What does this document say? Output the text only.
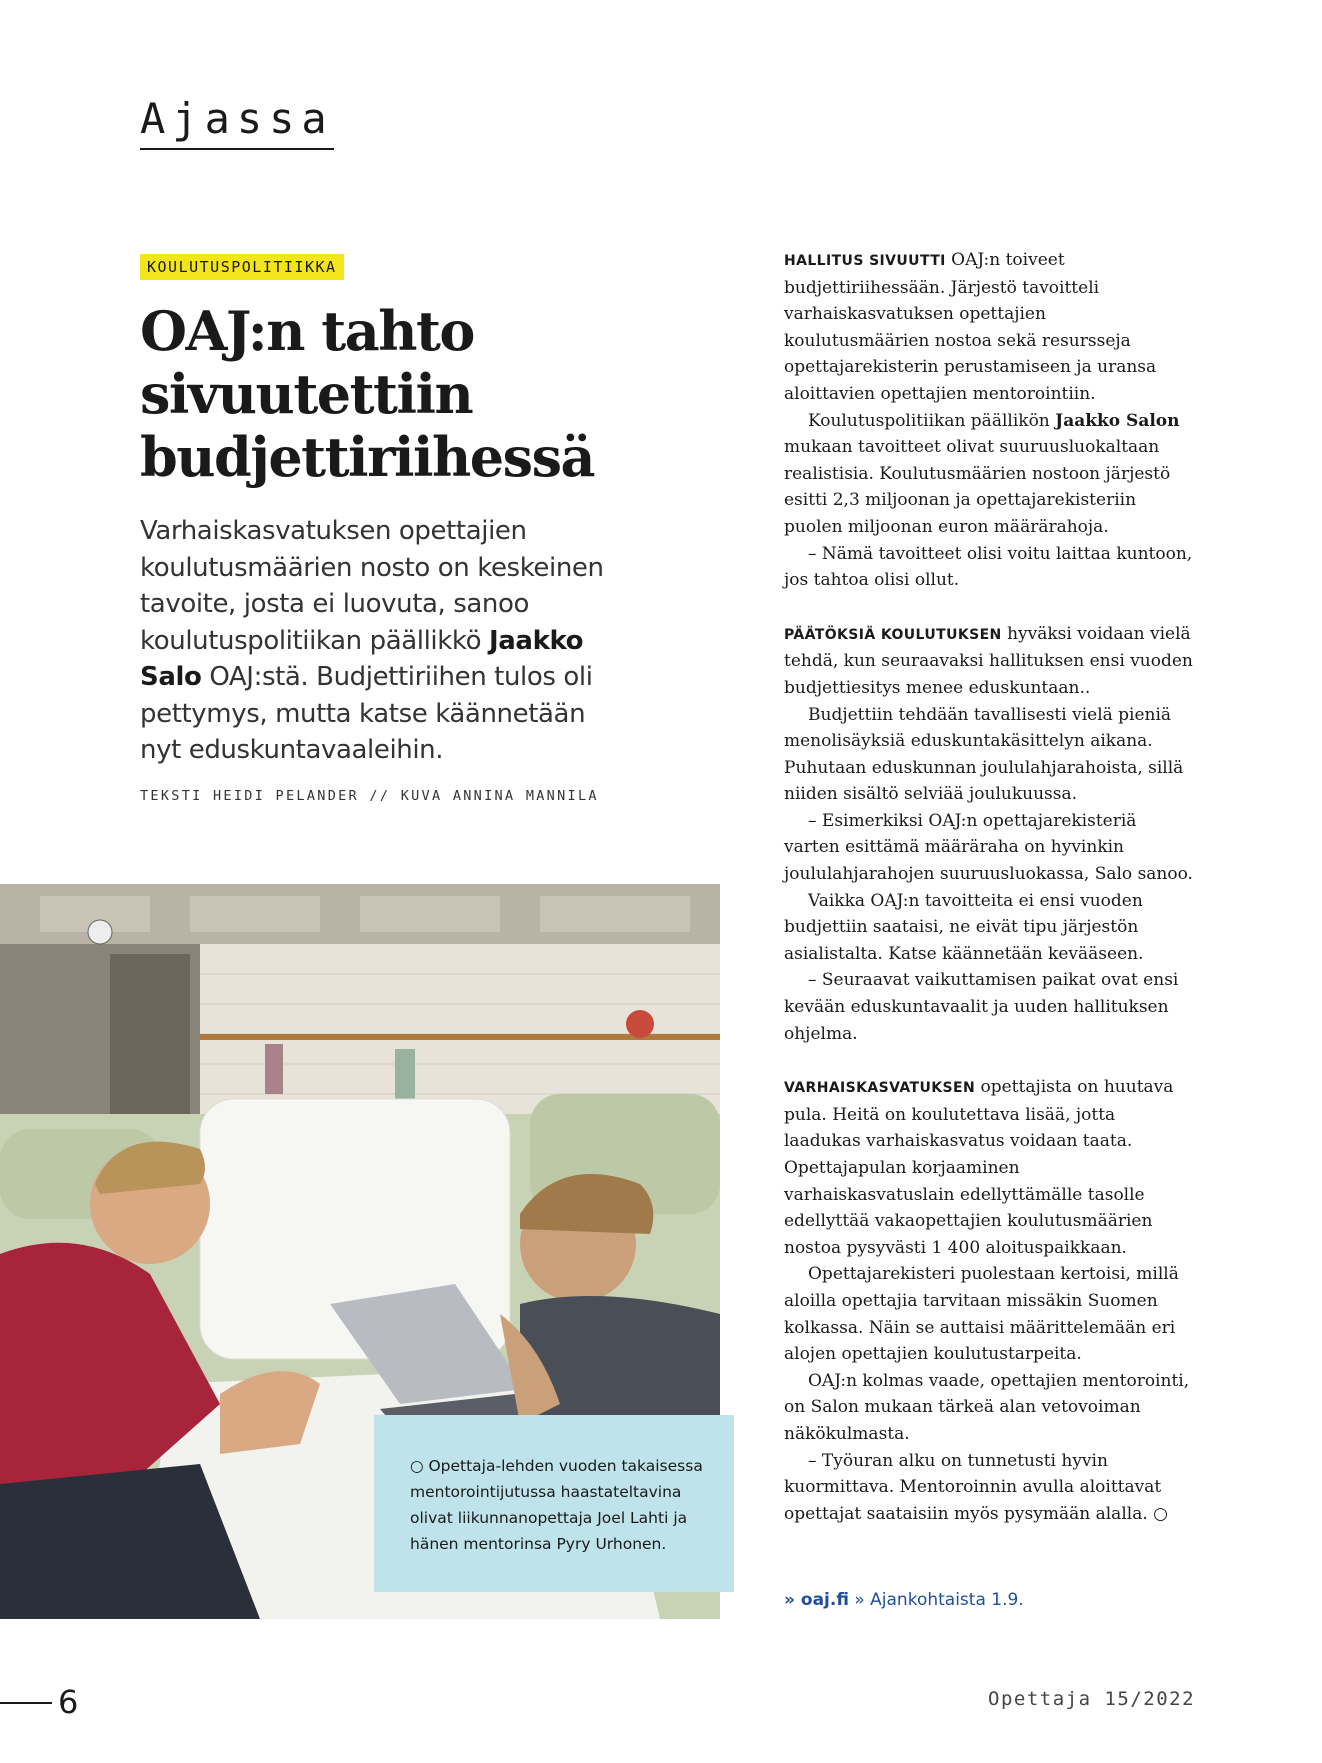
Ajassa
KOULUTUSPOLITIIKKA
OAJ:n tahto sivuutettiin budjettiriihessä
Varhaiskasvatuksen opettajien koulutusmäärien nosto on keskeinen tavoite, josta ei luovuta, sanoo koulutuspolitiikan päällikkö Jaakko Salo OAJ:stä. Budjettiriihen tulos oli pettymys, mutta katse käännetään nyt eduskuntavaaleihin.
TEKSTI HEIDI PELANDER // KUVA ANNINA MANNILA
○ Opettaja-lehden vuoden takaisessa mentorointijutussa haastateltavina olivat liikunnanopettaja Joel Lahti ja hänen mentorinsa Pyry Urhonen.

HALLITUS SIVUUTTI OAJ:n toiveet budjettiriihessään. Järjestö tavoitteli varhaiskasvatuksen opettajien koulutusmäärien nostoa sekä resursseja opettajarekisterin perustamiseen ja uransa aloittavien opettajien mentorointiin.

Koulutuspolitiikan päällikön Jaakko Salon mukaan tavoitteet olivat suuruusluokaltaan realistisia. Koulutusmäärien nostoon järjestö esitti 2,3 miljoonan ja opettajarekisteriin puolen miljoonan euron määrärahoja.

– Nämä tavoitteet olisi voitu laittaa kuntoon, jos tahtoa olisi ollut.

PÄÄTÖKSIÄ KOULUTUKSEN hyväksi voidaan vielä tehdä, kun seuraavaksi hallituksen ensi vuoden budjettiesitys menee eduskuntaan..

Budjettiin tehdään tavallisesti vielä pieniä menolisäyksiä eduskuntakäsittelyn aikana. Puhutaan eduskunnan joululahjarahoista, sillä niiden sisältö selviää joulukuussa.

– Esimerkiksi OAJ:n opettajarekisteriä varten esittämä määräraha on hyvinkin joululahjarahojen suuruusluokassa, Salo sanoo.

Vaikka OAJ:n tavoitteita ei ensi vuoden budjettiin saataisi, ne eivät tipu järjestön asialistalta. Katse käännetään kevääseen.

– Seuraavat vaikuttamisen paikat ovat ensi kevään eduskuntavaalit ja uuden hallituksen ohjelma.

VARHAISKASVATUKSEN opettajista on huutava pula. Heitä on koulutettava lisää, jotta laadukas varhaiskasvatus voidaan taata. Opettajapulan korjaaminen varhaiskasvatuslain edellyttämälle tasolle edellyttää vakaopettajien koulutusmäärien nostoa pysyvästi 1 400 aloituspaikkaan.

Opettajarekisteri puolestaan kertoisi, millä aloilla opettajia tarvitaan missäkin Suomen kolkassa. Näin se auttaisi määrittelemään eri alojen opettajien koulutustarpeita.

OAJ:n kolmas vaade, opettajien mentorointi, on Salon mukaan tärkeä alan vetovoiman näkökulmasta.

– Työuran alku on tunnetusti hyvin kuormittava. Mentoroinnin avulla aloittavat opettajat saataisiin myös pysymään alalla. ○

» oaj.fi » Ajankohtaista 1.9.
6	Opettaja 15/2022
